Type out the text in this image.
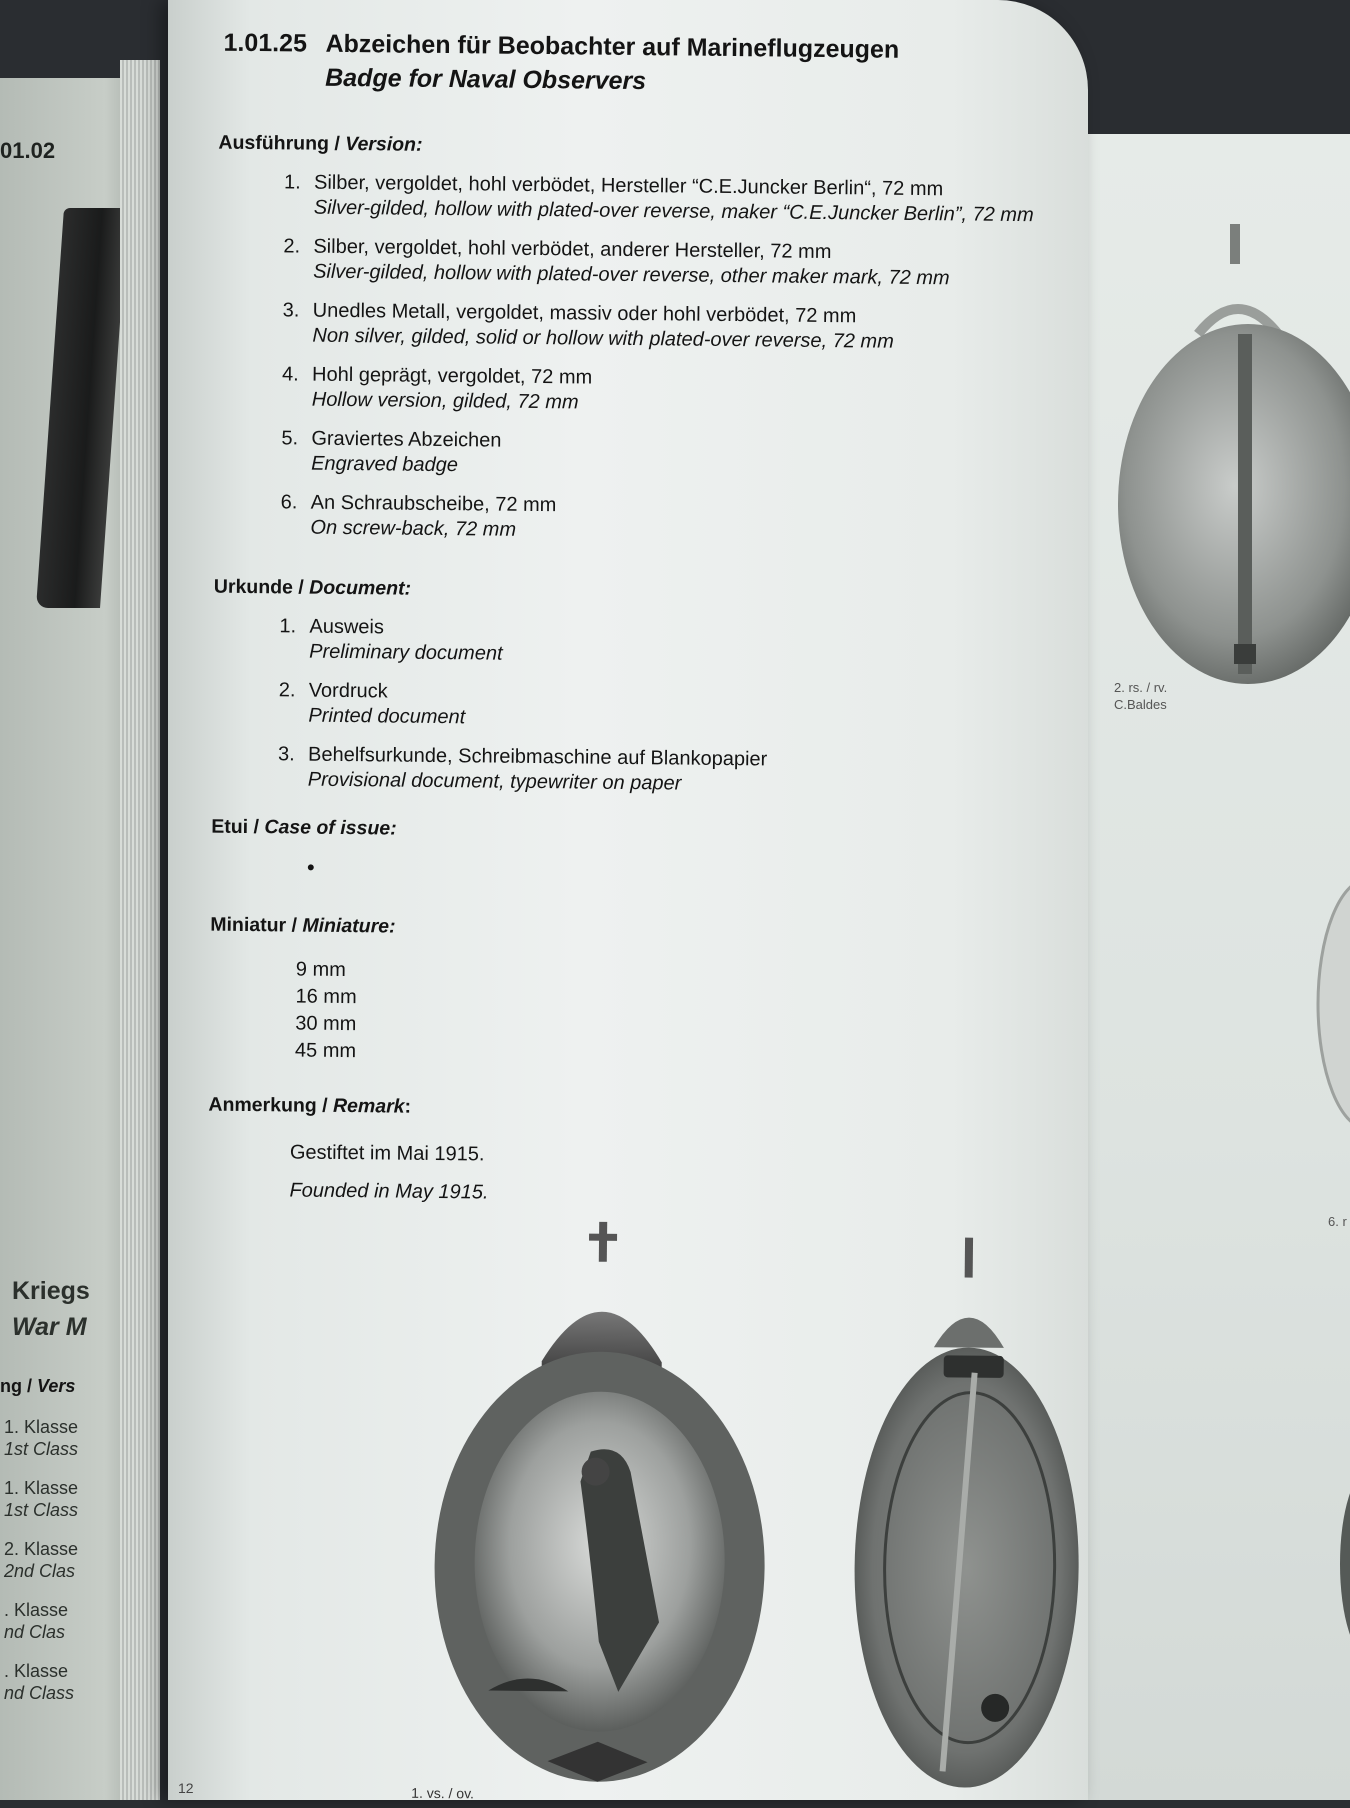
01.02
Kriegs
War M
ng / Vers
1. Klasse
1st Class
1. Klasse
1st Class
2. Klasse
2nd Clas
. Klasse
nd Clas
. Klasse
nd Class
2. rs. / rv.
C.Baldes
6. r
1.01.25 Abzeichen für Beobachter auf Marineflugzeugen
Badge for Naval Observers
Ausführung / Version:
1. Silber, vergoldet, hohl verbödet, Hersteller “C.E.Juncker Berlin“, 72 mm
Silver-gilded, hollow with plated-over reverse, maker “C.E.Juncker Berlin”, 72 mm
2. Silber, vergoldet, hohl verbödet, anderer Hersteller, 72 mm
Silver-gilded, hollow with plated-over reverse, other maker mark, 72 mm
3. Unedles Metall, vergoldet, massiv oder hohl verbödet, 72 mm
Non silver, gilded, solid or hollow with plated-over reverse, 72 mm
4. Hohl geprägt, vergoldet, 72 mm
Hollow version, gilded, 72 mm
5. Graviertes Abzeichen
Engraved badge
6. An Schraubscheibe, 72 mm
On screw-back, 72 mm
Urkunde / Document:
1. Ausweis
Preliminary document
2. Vordruck
Printed document
3. Behelfsurkunde, Schreibmaschine auf Blankopapier
Provisional document, typewriter on paper
Etui / Case of issue:
•
Miniatur / Miniature:
9 mm
16 mm
30 mm
45 mm
Anmerkung / Remark:
Gestiftet im Mai 1915.
Founded in May 1915.
1. vs. / ov.
12
